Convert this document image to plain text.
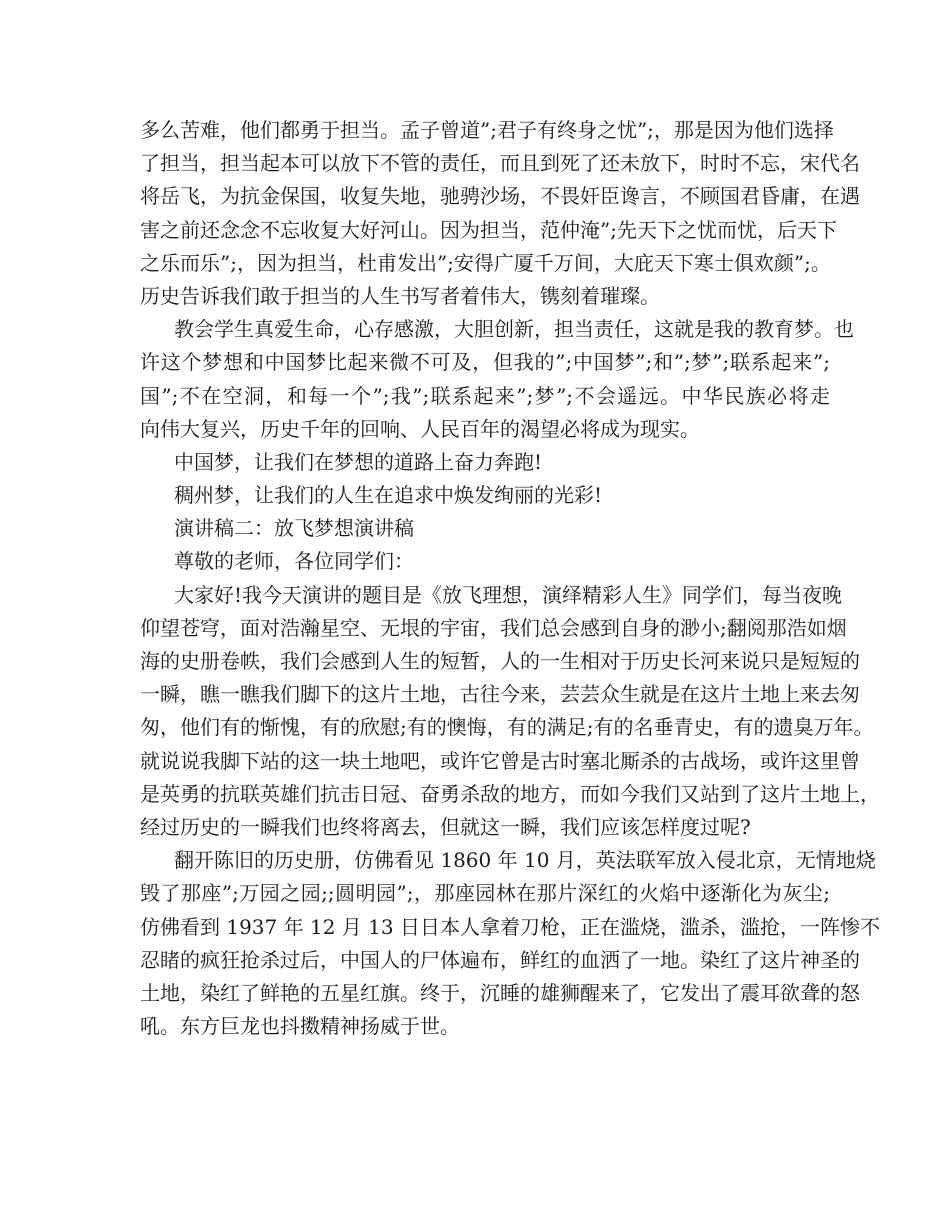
多么苦难，他们都勇于担当。孟子曾道”;君子有终身之忧”;，那是因为他们选择
了担当，担当起本可以放下不管的责任，而且到死了还未放下，时时不忘，宋代名
将岳飞，为抗金保国，收复失地，驰骋沙场，不畏奸臣谗言，不顾国君昏庸，在遇
害之前还念念不忘收复大好河山。因为担当，范仲淹”;先天下之忧而忧，后天下
之乐而乐”;，因为担当，杜甫发出”;安得广厦千万间，大庇天下寒士俱欢颜”;。
历史告诉我们敢于担当的人生书写者着伟大，镌刻着璀璨。
教会学生真爱生命，心存感激，大胆创新，担当责任，这就是我的教育梦。也
许这个梦想和中国梦比起来微不可及，但我的”;中国梦”;和”;梦”;联系起来”;
国”;不在空洞，和每一个”;我”;联系起来”;梦”;不会遥远。中华民族必将走
向伟大复兴，历史千年的回响、人民百年的渴望必将成为现实。
中国梦，让我们在梦想的道路上奋力奔跑!
稠州梦，让我们的人生在追求中焕发绚丽的光彩!
演讲稿二：放飞梦想演讲稿
尊敬的老师，各位同学们：
大家好!我今天演讲的题目是《放飞理想，演绎精彩人生》同学们，每当夜晚
仰望苍穹，面对浩瀚星空、无垠的宇宙，我们总会感到自身的渺小;翻阅那浩如烟
海的史册卷帙，我们会感到人生的短暂，人的一生相对于历史长河来说只是短短的
一瞬，瞧一瞧我们脚下的这片土地，古往今来，芸芸众生就是在这片土地上来去匆
匆，他们有的惭愧，有的欣慰;有的懊悔，有的满足;有的名垂青史，有的遗臭万年。
就说说我脚下站的这一块土地吧，或许它曾是古时塞北厮杀的古战场，或许这里曾
是英勇的抗联英雄们抗击日冠、奋勇杀敌的地方，而如今我们又站到了这片土地上，
经过历史的一瞬我们也终将离去，但就这一瞬，我们应该怎样度过呢?
翻开陈旧的历史册，仿佛看见 1860 年 10 月，英法联军放入侵北京，无情地烧
毁了那座”;万园之园;;圆明园”;，那座园林在那片深红的火焰中逐渐化为灰尘;
仿佛看到 1937 年 12 月 13 日日本人拿着刀枪，正在滥烧，滥杀，滥抢，一阵惨不
忍睹的疯狂抢杀过后，中国人的尸体遍布，鲜红的血洒了一地。染红了这片神圣的
土地，染红了鲜艳的五星红旗。终于，沉睡的雄狮醒来了，它发出了震耳欲聋的怒
吼。东方巨龙也抖擞精神扬威于世。
